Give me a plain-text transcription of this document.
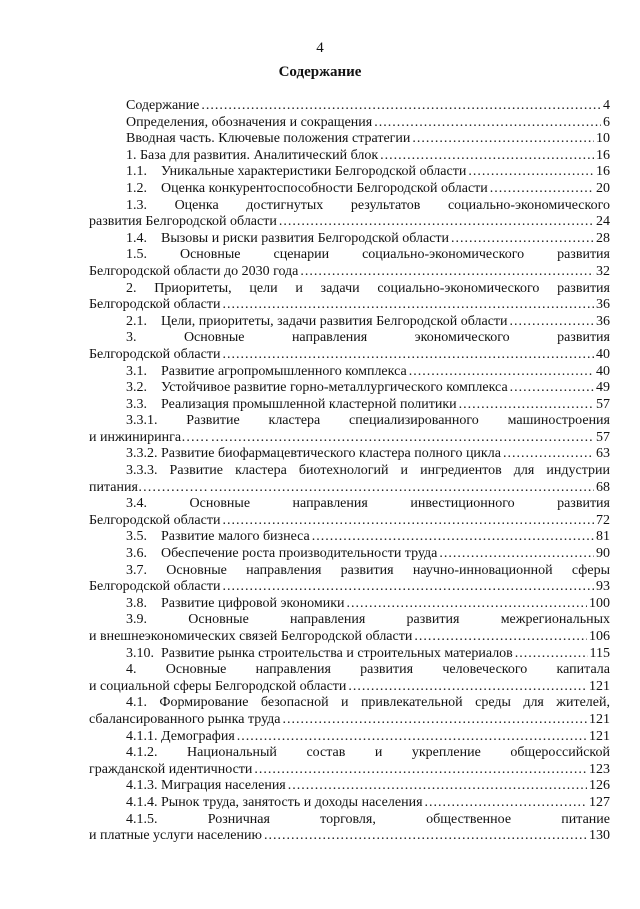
4
Содержание
Содержание .....	4
Определения, обозначения и сокращения .....	6
Вводная часть. Ключевые положения стратегии .....	10
1. База для развития. Аналитический блок .....	16
1.1.    Уникальные характеристики Белгородской области .....	16
1.2.    Оценка конкурентоспособности Белгородской области .....	20
1.3. Оценка достигнутых результатов социально-экономического
развития Белгородской области .....	24
1.4.    Вызовы и риски развития Белгородской области .....	28
1.5. Основные сценарии социально-экономического развития
Белгородской области до 2030 года .....	32
2. Приоритеты, цели и задачи социально-экономического развития
Белгородской области .....	36
2.1.    Цели, приоритеты, задачи развития Белгородской области .....	36
3. Основные направления экономического развития
Белгородской области .....	40
3.1.    Развитие агропромышленного комплекса .....	40
3.2.    Устойчивое развитие горно-металлургического комплекса .....	49
3.3.    Реализация промышленной кластерной политики .....	57
3.3.1. Развитие кластера специализированного машиностроения
и инжиниринга…… .....	57
3.3.2. Развитие биофармацевтического кластера полного цикла .....	63
3.3.3. Развитие кластера биотехнологий и ингредиентов для индустрии
питания…………… .....	68
3.4. Основные направления инвестиционного развития
Белгородской области .....	72
3.5.    Развитие малого бизнеса .....	81
3.6.    Обеспечение роста производительности труда .....	90
3.7. Основные направления развития научно-инновационной сферы
Белгородской области .....	93
3.8.    Развитие цифровой экономики .....	100
3.9. Основные направления развития межрегиональных
и внешнеэкономических связей Белгородской области .....	106
3.10.  Развитие рынка строительства и строительных материалов .....	115
4. Основные направления развития человеческого капитала
и социальной сферы Белгородской области .....	121
4.1. Формирование безопасной и привлекательной среды для жителей,
сбалансированного рынка труда .....	121
4.1.1. Демография .....	121
4.1.2. Национальный состав и укрепление общероссийской
гражданской идентичности .....	123
4.1.3. Миграция населения .....	126
4.1.4. Рынок труда, занятость и доходы населения .....	127
4.1.5. Розничная торговля, общественное питание
и платные услуги населению .....	130
